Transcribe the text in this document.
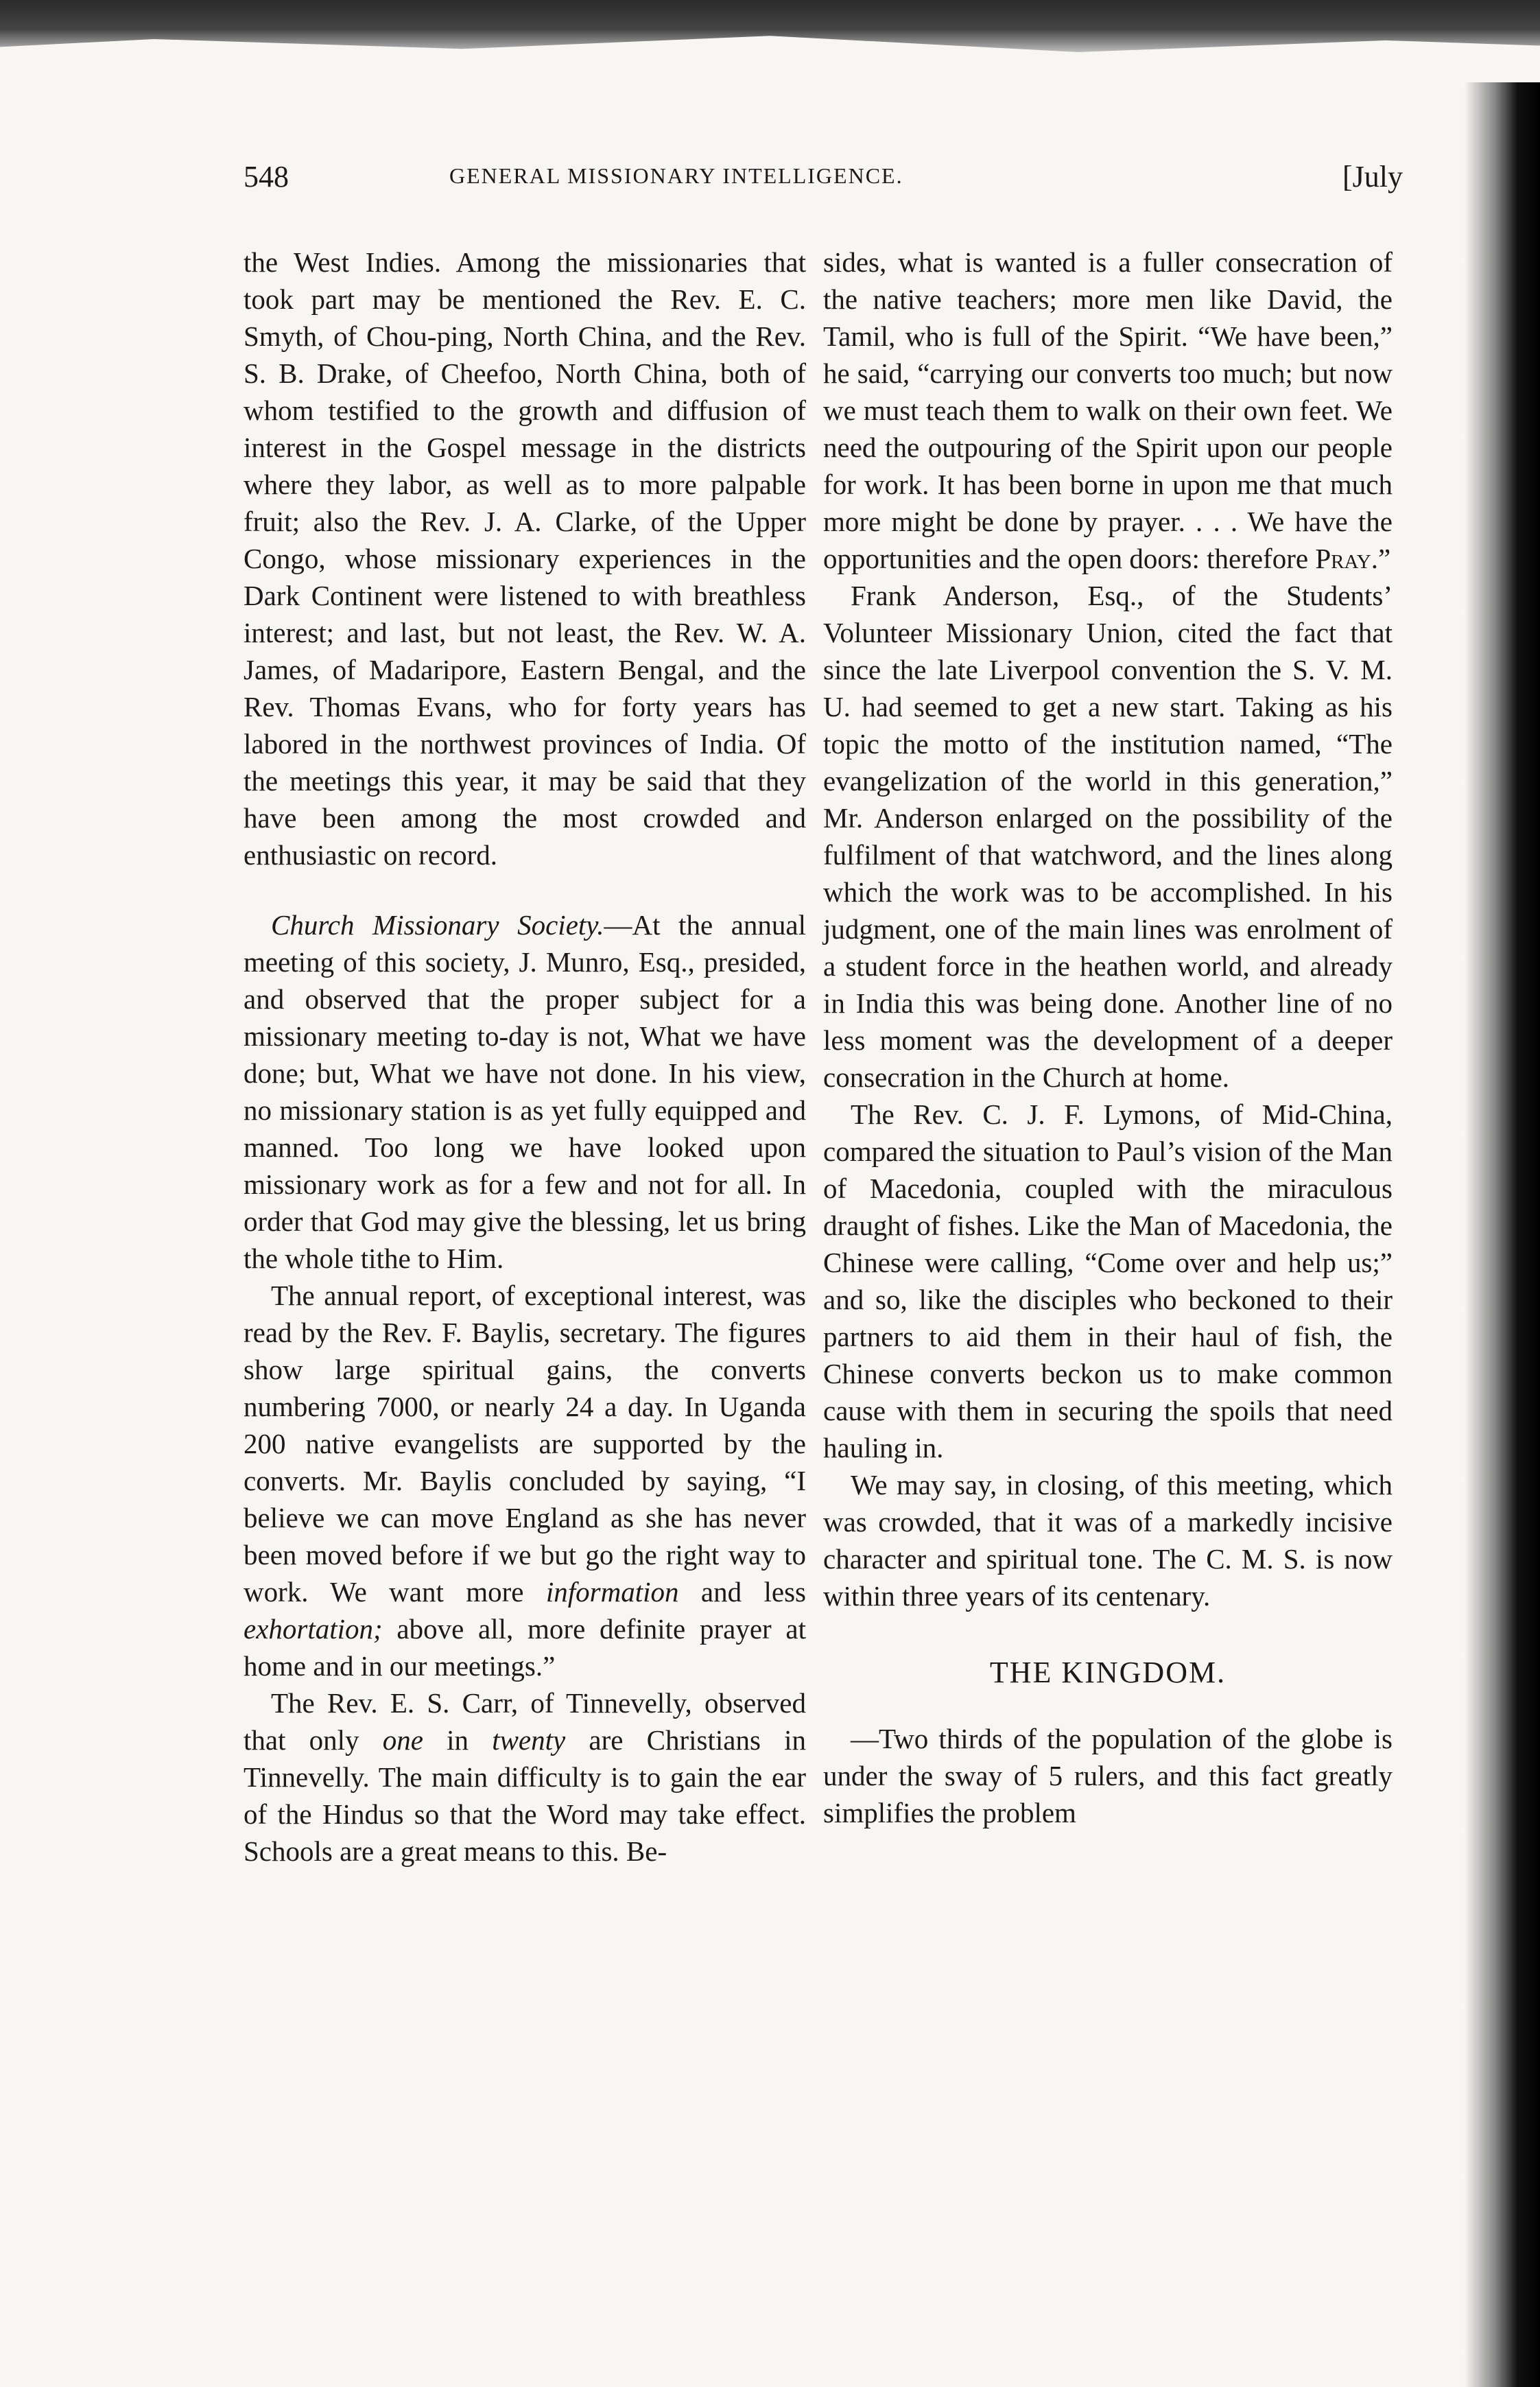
548	GENERAL MISSIONARY INTELLIGENCE.	[July

the West Indies. Among the missionaries that took part may be mentioned the Rev. E. C. Smyth, of Chou-ping, North China, and the Rev. S. B. Drake, of Cheefoo, North China, both of whom testified to the growth and diffusion of interest in the Gospel message in the districts where they labor, as well as to more palpable fruit; also the Rev. J. A. Clarke, of the Upper Congo, whose missionary experiences in the Dark Continent were listened to with breathless interest; and last, but not least, the Rev. W. A. James, of Madaripore, Eastern Bengal, and the Rev. Thomas Evans, who for forty years has labored in the northwest provinces of India. Of the meetings this year, it may be said that they have been among the most crowded and enthusiastic on record.

Church Missionary Society.—At the annual meeting of this society, J. Munro, Esq., presided, and observed that the proper subject for a missionary meeting to-day is not, What we have done; but, What we have not done. In his view, no missionary station is as yet fully equipped and manned. Too long we have looked upon missionary work as for a few and not for all. In order that God may give the blessing, let us bring the whole tithe to Him.

The annual report, of exceptional interest, was read by the Rev. F. Baylis, secretary. The figures show large spiritual gains, the converts numbering 7000, or nearly 24 a day. In Uganda 200 native evangelists are supported by the converts. Mr. Baylis concluded by saying, “I believe we can move England as she has never been moved before if we but go the right way to work. We want more information and less exhortation; above all, more definite prayer at home and in our meetings.”

The Rev. E. S. Carr, of Tinnevelly, observed that only one in twenty are Christians in Tinnevelly. The main difficulty is to gain the ear of the Hindus so that the Word may take effect. Schools are a great means to this. Be-

sides, what is wanted is a fuller consecration of the native teachers; more men like David, the Tamil, who is full of the Spirit. “We have been,” he said, “carrying our converts too much; but now we must teach them to walk on their own feet. We need the outpouring of the Spirit upon our people for work. It has been borne in upon me that much more might be done by prayer. . . . We have the opportunities and the open doors: therefore Pray.”

Frank Anderson, Esq., of the Students’ Volunteer Missionary Union, cited the fact that since the late Liverpool convention the S. V. M. U. had seemed to get a new start. Taking as his topic the motto of the institution named, “The evangelization of the world in this generation,” Mr. Anderson enlarged on the possibility of the fulfilment of that watchword, and the lines along which the work was to be accomplished. In his judgment, one of the main lines was enrolment of a student force in the heathen world, and already in India this was being done. Another line of no less moment was the development of a deeper consecration in the Church at home.

The Rev. C. J. F. Lymons, of Mid-China, compared the situation to Paul’s vision of the Man of Macedonia, coupled with the miraculous draught of fishes. Like the Man of Macedonia, the Chinese were calling, “Come over and help us;” and so, like the disciples who beckoned to their partners to aid them in their haul of fish, the Chinese converts beckon us to make common cause with them in securing the spoils that need hauling in.

We may say, in closing, of this meeting, which was crowded, that it was of a markedly incisive character and spiritual tone. The C. M. S. is now within three years of its centenary.

THE KINGDOM.

—Two thirds of the population of the globe is under the sway of 5 rulers, and this fact greatly simplifies the problem
